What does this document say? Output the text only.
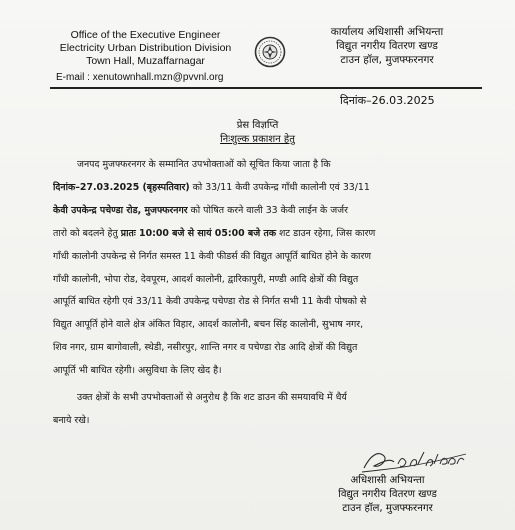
Office of the Executive Engineer
Electricity Urban Distribution Division
Town Hall, Muzaffarnagar
E-mail : xenutownhall.mzn@pvvnl.org
कार्यालय अधिशासी अभियन्ता
विद्युत नगरीय वितरण खण्ड
टाउन हॉल, मुजफ्फरनगर
दिनांक–26.03.2025
प्रेस विज्ञप्ति
निःशुल्क प्रकाशन हेतु
जनपद मुजफ्फरनगर के सम्मानित उपभोक्ताओं को सूचित किया जाता है कि
दिनांक–27.03.2025 (बृहस्पतिवार) को 33/11 केवी उपकेन्द्र गाँधी कालोनी एवं 33/11
केवी उपकेन्द्र पचेण्डा रोड, मुजफ्फरनगर को पोषित करने वाली 33 केवी लाईन के जर्जर
तारो को बदलने हेतु प्रातः 10:00 बजे से सायं 05:00 बजे तक शट डाउन रहेगा, जिस कारण
गाँधी कालोनी उपकेन्द्र से निर्गत समस्त 11 केवी फीडर्स की विद्युत आपूर्ति बाधित होने के कारण
गाँधी कालोनी, भोपा रोड, देवपूरम, आदर्श कालोनी, द्वारिकापुरी, मण्डी आदि क्षेत्रों की विद्युत
आपूर्ति बाधित रहेगी एवं 33/11 केवी उपकेन्द्र पचेण्डा रोड से निर्गत सभी 11 केवी पोषको से
विद्युत आपूर्ति होने वाले क्षेत्र अंकित विहार, आदर्श कालोनी, बचन सिंह कालोनी, सुभाष नगर,
शिव नगर, ग्राम बागोवाली, स्थेडी, नसीरपुर, शान्ति नगर व पचेण्डा रोड आदि क्षेत्रों की विद्युत
आपूर्ति भी बाधित रहेगी। असुविधा के लिए खेद है।
उक्त क्षेत्रों के सभी उपभोक्ताओं से अनुरोध है कि शट डाउन की समयावधि में धैर्य
बनाये रखे।
अधिशासी अभियन्ता
विद्युत नगरीय वितरण खण्ड
टाउन हॉल, मुजफ्फरनगर
